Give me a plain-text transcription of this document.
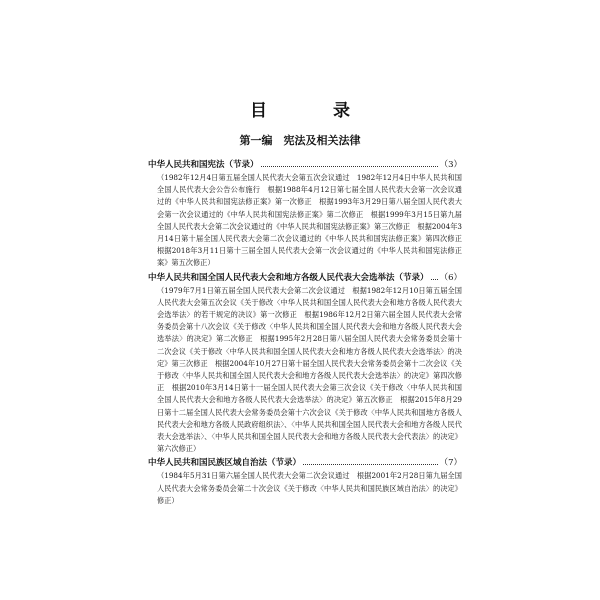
目 录
第一编　宪法及相关法律
中华人民共和国宪法（节录）	（3）
（1982年12月4日第五届全国人民代表大会第五次会议通过　1982年12月4日中华人民共和国全国人民代表大会公告公布施行　根据1988年4月12日第七届全国人民代表大会第一次会议通过的《中华人民共和国宪法修正案》第一次修正　根据1993年3月29日第八届全国人民代表大会第一次会议通过的《中华人民共和国宪法修正案》第二次修正　根据1999年3月15日第九届全国人民代表大会第二次会议通过的《中华人民共和国宪法修正案》第三次修正　根据2004年3月14日第十届全国人民代表大会第二次会议通过的《中华人民共和国宪法修正案》第四次修正　根据2018年3月11日第十三届全国人民代表大会第一次会议通过的《中华人民共和国宪法修正案》第五次修正）
中华人民共和国全国人民代表大会和地方各级人民代表大会选举法（节录） （6）
（1979年7月1日第五届全国人民代表大会第二次会议通过　根据1982年12月10日第五届全国人民代表大会第五次会议《关于修改〈中华人民共和国全国人民代表大会和地方各级人民代表大会选举法〉的若干规定的决议》第一次修正　根据1986年12月2日第六届全国人民代表大会常务委员会第十八次会议《关于修改〈中华人民共和国全国人民代表大会和地方各级人民代表大会选举法〉的决定》第二次修正　根据1995年2月28日第八届全国人民代表大会常务委员会第十二次会议《关于修改〈中华人民共和国全国人民代表大会和地方各级人民代表大会选举法〉的决定》第三次修正　根据2004年10月27日第十届全国人民代表大会常务委员会第十二次会议《关于修改〈中华人民共和国全国人民代表大会和地方各级人民代表大会选举法〉的决定》第四次修正　根据2010年3月14日第十一届全国人民代表大会第三次会议《关于修改〈中华人民共和国全国人民代表大会和地方各级人民代表大会选举法〉的决定》第五次修正　根据2015年8月29日第十二届全国人民代表大会常务委员会第十六次会议《关于修改〈中华人民共和国地方各级人民代表大会和地方各级人民政府组织法〉、〈中华人民共和国全国人民代表大会和地方各级人民代表大会选举法〉、〈中华人民共和国全国人民代表大会和地方各级人民代表大会代表法〉的决定》第六次修正）
中华人民共和国民族区域自治法（节录）	（7）
（1984年5月31日第六届全国人民代表大会第二次会议通过　根据2001年2月28日第九届全国人民代表大会常务委员会第二十次会议《关于修改〈中华人民共和国民族区域自治法〉的决定》修正）
